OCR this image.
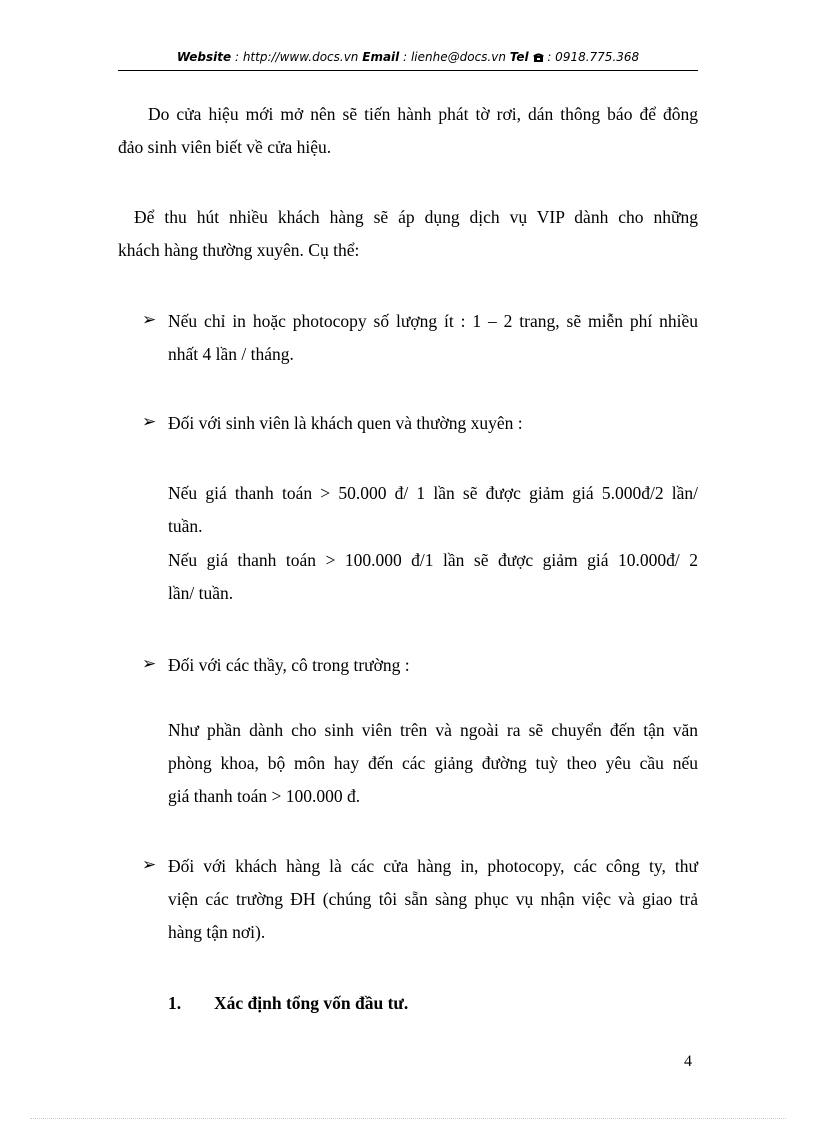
Website : http://www.docs.vn Email : lienhe@docs.vn Tel : 0918.775.368
Do cửa hiệu mới mở nên sẽ tiến hành phát tờ rơi, dán thông báo để đông
đảo sinh viên biết về cửa hiệu.
Để thu hút nhiều khách hàng sẽ áp dụng dịch vụ VIP dành cho những
khách hàng thường xuyên. Cụ thể:
➢ Nếu chỉ in hoặc photocopy số lượng ít : 1 – 2 trang, sẽ miễn phí nhiều
nhất 4 lần / tháng.
➢ Đối với sinh viên là khách quen và thường xuyên :
Nếu giá thanh toán > 50.000 đ/ 1 lần sẽ được giảm giá 5.000đ/2 lần/
tuần.
Nếu giá thanh toán > 100.000 đ/1 lần sẽ được giảm giá 10.000đ/ 2
lần/ tuần.
➢ Đối với các thầy, cô trong trường :
Như phần dành cho sinh viên trên và ngoài ra sẽ chuyển đến tận văn
phòng khoa, bộ môn hay đến các giảng đường tuỳ theo yêu cầu nếu
giá thanh toán > 100.000 đ.
➢ Đối với khách hàng là các cửa hàng in, photocopy, các công ty, thư
viện các trường ĐH (chúng tôi sẵn sàng phục vụ nhận việc và giao trả
hàng tận nơi).
1. Xác định tổng vốn đầu tư.
4
